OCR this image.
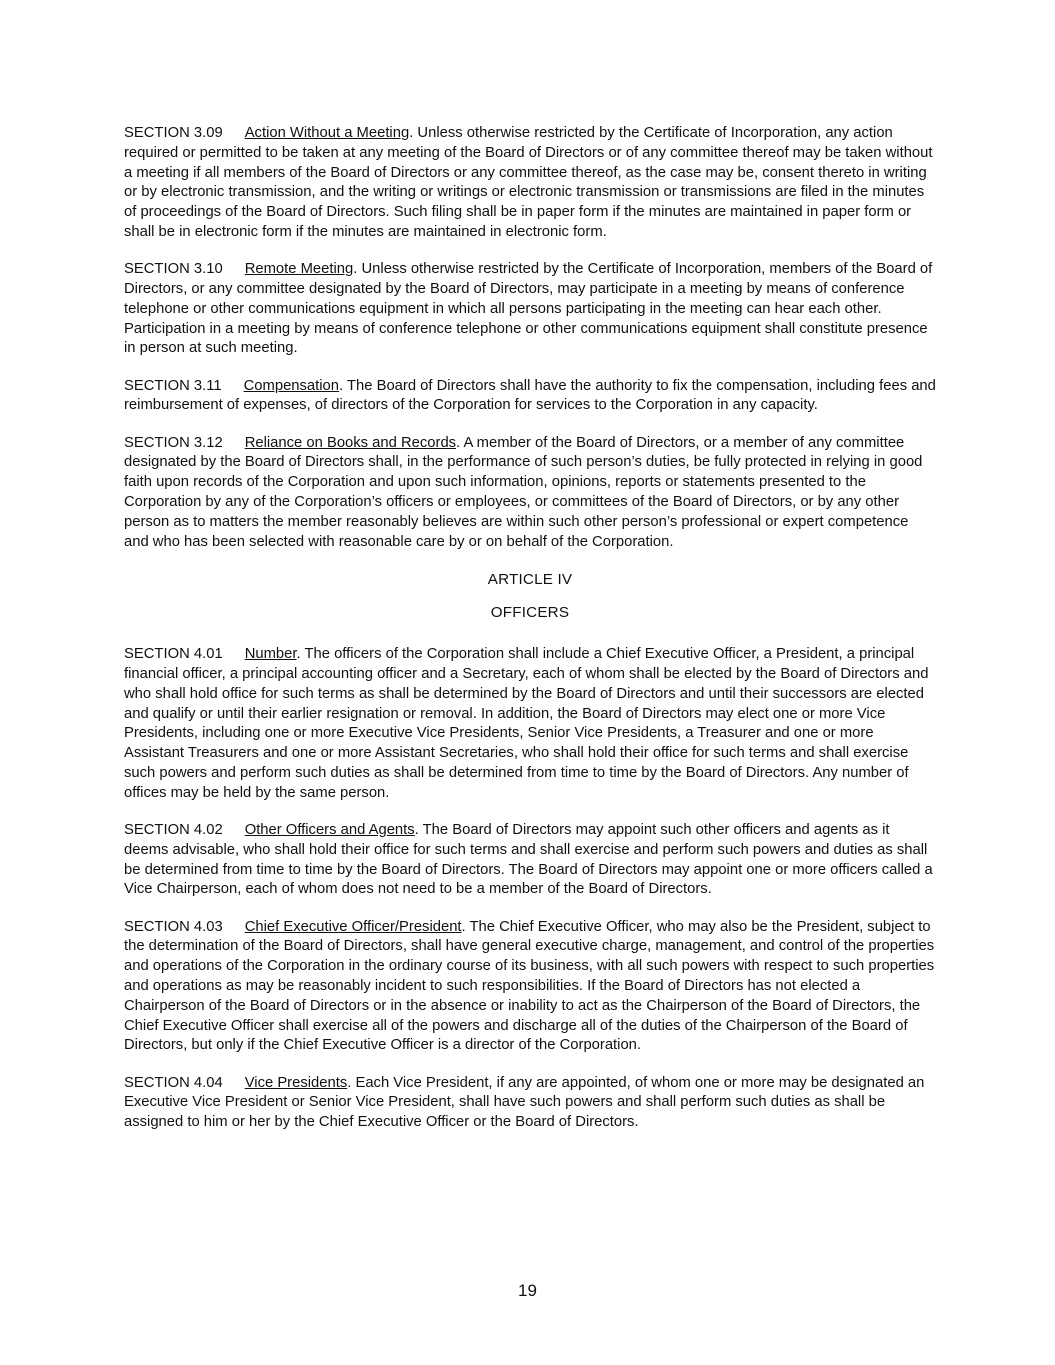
SECTION 3.09 Action Without a Meeting. Unless otherwise restricted by the Certificate of Incorporation, any action required or permitted to be taken at any meeting of the Board of Directors or of any committee thereof may be taken without a meeting if all members of the Board of Directors or any committee thereof, as the case may be, consent thereto in writing or by electronic transmission, and the writing or writings or electronic transmission or transmissions are filed in the minutes of proceedings of the Board of Directors. Such filing shall be in paper form if the minutes are maintained in paper form or shall be in electronic form if the minutes are maintained in electronic form.

SECTION 3.10 Remote Meeting. Unless otherwise restricted by the Certificate of Incorporation, members of the Board of Directors, or any committee designated by the Board of Directors, may participate in a meeting by means of conference telephone or other communications equipment in which all persons participating in the meeting can hear each other. Participation in a meeting by means of conference telephone or other communications equipment shall constitute presence in person at such meeting.

SECTION 3.11 Compensation. The Board of Directors shall have the authority to fix the compensation, including fees and reimbursement of expenses, of directors of the Corporation for services to the Corporation in any capacity.

SECTION 3.12 Reliance on Books and Records. A member of the Board of Directors, or a member of any committee designated by the Board of Directors shall, in the performance of such person’s duties, be fully protected in relying in good faith upon records of the Corporation and upon such information, opinions, reports or statements presented to the Corporation by any of the Corporation’s officers or employees, or committees of the Board of Directors, or by any other person as to matters the member reasonably believes are within such other person’s professional or expert competence and who has been selected with reasonable care by or on behalf of the Corporation.

ARTICLE IV
OFFICERS

SECTION 4.01 Number. The officers of the Corporation shall include a Chief Executive Officer, a President, a principal financial officer, a principal accounting officer and a Secretary, each of whom shall be elected by the Board of Directors and who shall hold office for such terms as shall be determined by the Board of Directors and until their successors are elected and qualify or until their earlier resignation or removal. In addition, the Board of Directors may elect one or more Vice Presidents, including one or more Executive Vice Presidents, Senior Vice Presidents, a Treasurer and one or more Assistant Treasurers and one or more Assistant Secretaries, who shall hold their office for such terms and shall exercise such powers and perform such duties as shall be determined from time to time by the Board of Directors. Any number of offices may be held by the same person.

SECTION 4.02 Other Officers and Agents. The Board of Directors may appoint such other officers and agents as it deems advisable, who shall hold their office for such terms and shall exercise and perform such powers and duties as shall be determined from time to time by the Board of Directors. The Board of Directors may appoint one or more officers called a Vice Chairperson, each of whom does not need to be a member of the Board of Directors.

SECTION 4.03 Chief Executive Officer/President. The Chief Executive Officer, who may also be the President, subject to the determination of the Board of Directors, shall have general executive charge, management, and control of the properties and operations of the Corporation in the ordinary course of its business, with all such powers with respect to such properties and operations as may be reasonably incident to such responsibilities. If the Board of Directors has not elected a Chairperson of the Board of Directors or in the absence or inability to act as the Chairperson of the Board of Directors, the Chief Executive Officer shall exercise all of the powers and discharge all of the duties of the Chairperson of the Board of Directors, but only if the Chief Executive Officer is a director of the Corporation.

SECTION 4.04 Vice Presidents. Each Vice President, if any are appointed, of whom one or more may be designated an Executive Vice President or Senior Vice President, shall have such powers and shall perform such duties as shall be assigned to him or her by the Chief Executive Officer or the Board of Directors.

19
